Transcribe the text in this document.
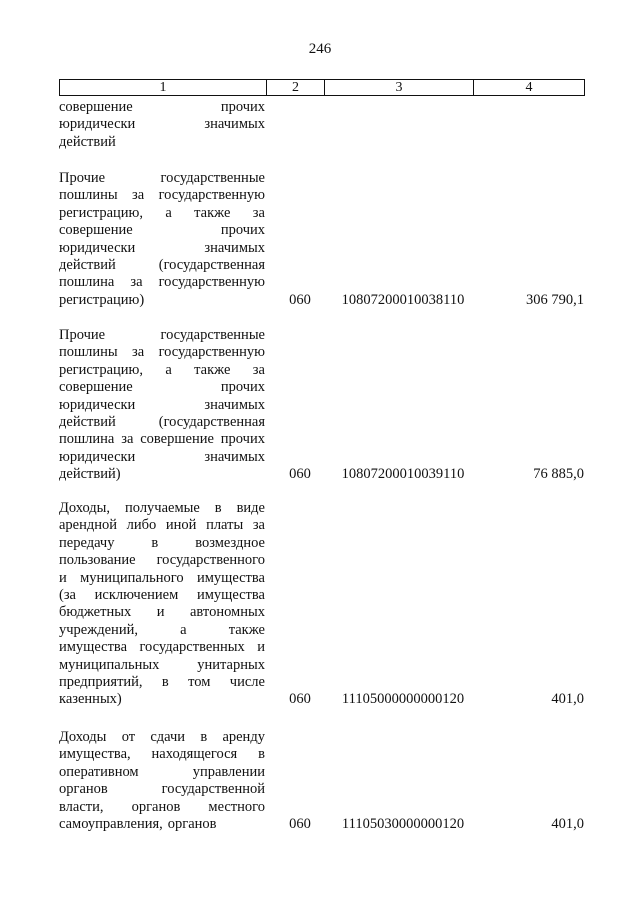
246
1	2	3	4
совершение	прочих
юридически	значимых
действий
Прочие	государственные
пошлины за государственную
регистрацию, а также за
совершение	прочих
юридически	значимых
действий	(государственная
пошлина за государственную
регистрацию)	060	10807200010038110	306 790,1
Прочие	государственные
пошлины за государственную
регистрацию, а также за
совершение	прочих
юридически	значимых
действий	(государственная
пошлина за совершение прочих
юридически	значимых
действий)	060	10807200010039110	76 885,0
Доходы, получаемые в виде
арендной либо иной платы за
передачу	в	возмездное
пользование государственного
и муниципального имущества
(за исключением имущества
бюджетных и автономных
учреждений,	а	также
имущества государственных и
муниципальных	унитарных
предприятий, в том числе
казенных)	060	11105000000000120	401,0
Доходы от сдачи в аренду
имущества, находящегося в
оперативном	управлении
органов	государственной
власти, органов местного
самоуправления, органов	060	11105030000000120	401,0
